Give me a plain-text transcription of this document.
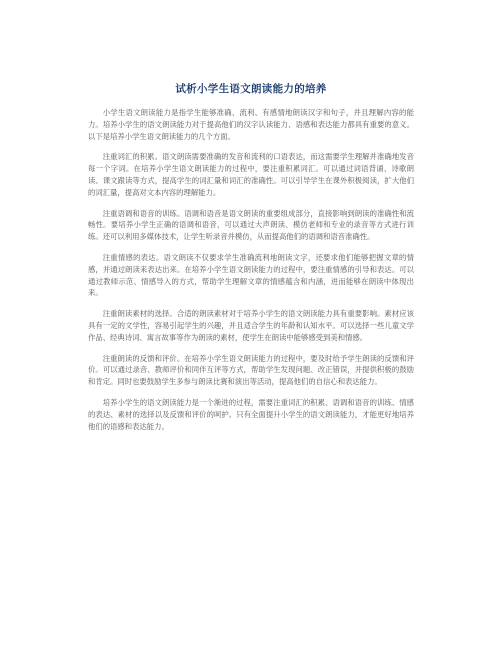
试析小学生语文朗读能力的培养

小学生语文朗读能力是指学生能够准确、流利、有感情地朗读汉字和句子，并且理解内容的能力。培养小学生的语文朗读能力对于提高他们的汉字认读能力、语感和表达能力都具有重要的意义。以下是培养小学生语文朗读能力的几个方面。

注重词汇的积累。语文朗读需要准确的发音和流利的口语表达，而这需要学生理解并准确地发音每一个字词。在培养小学生语文朗读能力的过程中，要注重积累词汇。可以通过词语背诵、诗歌朗读、课文跟读等方式，提高学生的词汇量和词汇的准确性。可以引导学生在课外积极阅读，扩大他们的词汇量，提高对文本内容的理解能力。

注重语调和语音的训练。语调和语音是语文朗读的重要组成部分，直接影响到朗读的准确性和流畅性。要培养小学生正确的语调和语音，可以通过大声朗读、模仿老师和专业的录音等方式进行训练。还可以利用多媒体技术，让学生听录音并模仿，从而提高他们的语调和语音准确性。

注重情感的表达。语文朗读不仅要求学生准确流利地朗读文字，还要求他们能够把握文章的情感，并通过朗读来表达出来。在培养小学生语文朗读能力的过程中，要注重情感的引导和表达。可以通过教师示范、情感导入的方式，帮助学生理解文章的情感蕴含和内涵，进而能够在朗读中体现出来。

注重朗读素材的选择。合适的朗读素材对于培养小学生的语文朗读能力具有重要影响。素材应该具有一定的文学性，容易引起学生的兴趣，并且适合学生的年龄和认知水平。可以选择一些儿童文学作品、经典诗词、寓言故事等作为朗读的素材，使学生在朗读中能够感受到美和情感。

注重朗读的反馈和评价。在培养小学生语文朗读能力的过程中，要及时给予学生朗读的反馈和评价。可以通过录音、教师评价和同伴互评等方式，帮助学生发现问题、改正错误，并提供积极的鼓励和肯定。同时也要鼓励学生多参与朗读比赛和演出等活动，提高他们的自信心和表达能力。

培养小学生的语文朗读能力是一个渐进的过程，需要注重词汇的积累、语调和语音的训练、情感的表达、素材的选择以及反馈和评价的呵护。只有全面提升小学生的语文朗读能力，才能更好地培养他们的语感和表达能力。
